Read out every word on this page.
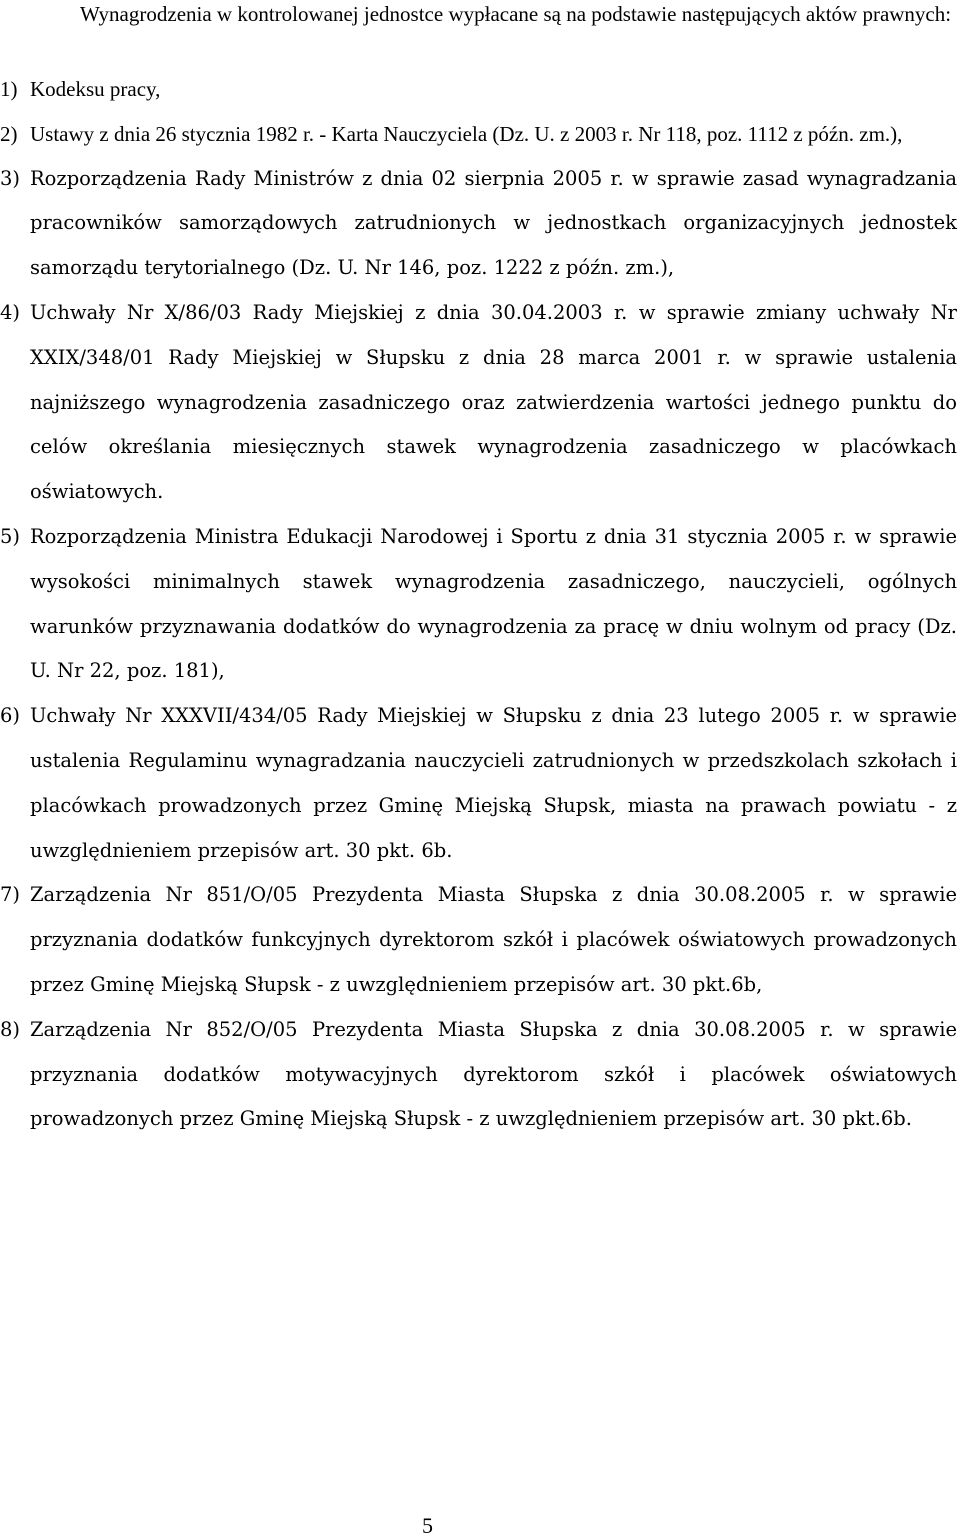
Wynagrodzenia w kontrolowanej jednostce wypłacane są na podstawie następujących aktów prawnych:

1) Kodeksu pracy,
2) Ustawy z dnia 26 stycznia 1982 r. - Karta Nauczyciela (Dz. U. z 2003 r. Nr 118, poz. 1112 z późn. zm.),
3) Rozporządzenia Rady Ministrów z dnia 02 sierpnia 2005 r. w sprawie zasad wynagradzania pracowników samorządowych zatrudnionych w jednostkach organizacyjnych jednostek samorządu terytorialnego (Dz. U. Nr 146, poz. 1222 z późn. zm.),
4) Uchwały Nr X/86/03 Rady Miejskiej z dnia 30.04.2003 r. w sprawie zmiany uchwały Nr XXIX/348/01 Rady Miejskiej w Słupsku z dnia 28 marca 2001 r. w sprawie ustalenia najniższego wynagrodzenia zasadniczego oraz zatwierdzenia wartości jednego punktu do celów określania miesięcznych stawek wynagrodzenia zasadniczego w placówkach oświatowych.
5) Rozporządzenia Ministra Edukacji Narodowej i Sportu z dnia 31 stycznia 2005 r. w sprawie wysokości minimalnych stawek wynagrodzenia zasadniczego, nauczycieli, ogólnych warunków przyznawania dodatków do wynagrodzenia za pracę w dniu wolnym od pracy (Dz. U. Nr 22, poz. 181),
6) Uchwały Nr XXXVII/434/05 Rady Miejskiej w Słupsku z dnia 23 lutego 2005 r. w sprawie ustalenia Regulaminu wynagradzania nauczycieli zatrudnionych w przedszkolach szkołach i placówkach prowadzonych przez Gminę Miejską Słupsk, miasta na prawach powiatu - z uwzględnieniem przepisów art. 30 pkt. 6b.
7) Zarządzenia Nr 851/O/05 Prezydenta Miasta Słupska z dnia 30.08.2005 r. w sprawie przyznania dodatków funkcyjnych dyrektorom szkół i placówek oświatowych prowadzonych przez Gminę Miejską Słupsk - z uwzględnieniem przepisów art. 30 pkt.6b,
8) Zarządzenia Nr 852/O/05 Prezydenta Miasta Słupska z dnia 30.08.2005 r. w sprawie przyznania dodatków motywacyjnych dyrektorom szkół i placówek oświatowych prowadzonych przez Gminę Miejską Słupsk - z uwzględnieniem przepisów art. 30 pkt.6b.

5
